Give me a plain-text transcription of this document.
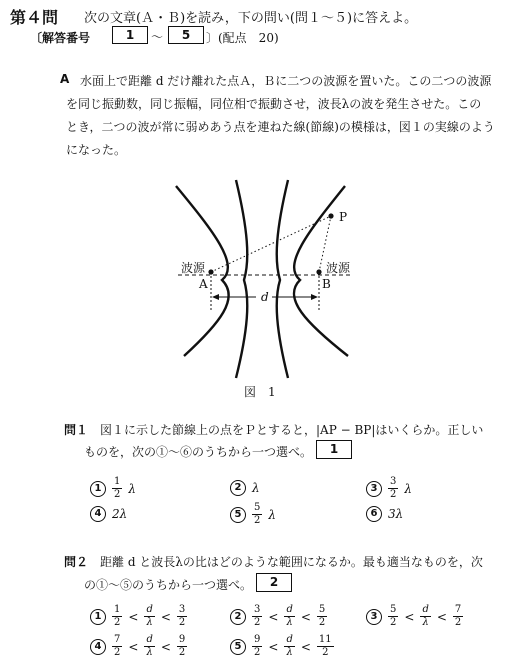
第４問 次の文章(Ａ・Ｂ)を読み，下の問い(問１～５)に答えよ。
〔解答番号	1	～	5	〕(配点　20)
A 水面上で距離 d だけ離れた点Ａ，Ｂに二つの波源を置いた。この二つの波源
を同じ振動数，同じ振幅，同位相で振動させ，波長λの波を発生させた。この
とき，二つの波が常に弱めあう点を連ねた線(節線)の模様は，図１の実線のよう
になった。
P
A	B
波源	波源
d
図　1
問１ 図１に示した節線上の点をＰとすると，|AP − BP|はいくらか。正しい
ものを，次の①～⑥のうちから一つ選べ。	1
1	$\frac{1}{2}$ λ	2 λ	3	$\frac{3}{2}$ λ
4 2λ	5	$\frac{5}{2}$ λ	6 3λ
問２ 距離 d と波長λの比はどのような範囲になるか。最も適当なものを，次
の①～⑤のうちから一つ選べ。	2
1	$\frac{1}{2} < \frac{d}{\lambda} < \frac{3}{2}$	2	$\frac{3}{2} < \frac{d}{\lambda} < \frac{5}{2}$	3	$\frac{5}{2} < \frac{d}{\lambda} < \frac{7}{2}$
4	$\frac{7}{2} < \frac{d}{\lambda} < \frac{9}{2}$	5	$\frac{9}{2} < \frac{d}{\lambda} < \frac{11}{2}$
